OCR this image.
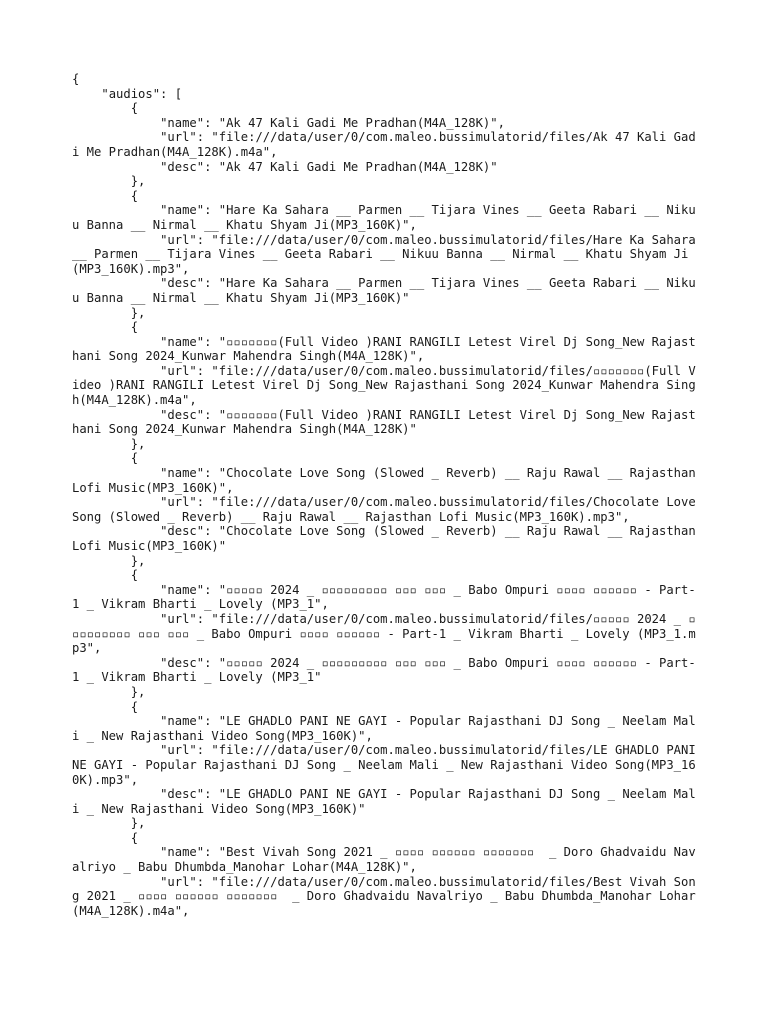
{
"audios": [
{
"name": "Ak 47 Kali Gadi Me Pradhan(M4A_128K)",
"url": "file:///data/user/0/com.maleo.bussimulatorid/files/Ak 47 Kali Gadi Me Pradhan(M4A_128K).m4a",
"desc": "Ak 47 Kali Gadi Me Pradhan(M4A_128K)"
},
{
"name": "Hare Ka Sahara __ Parmen __ Tijara Vines __ Geeta Rabari __ Nikuu Banna __ Nirmal __ Khatu Shyam Ji(MP3_160K)",
"url": "file:///data/user/0/com.maleo.bussimulatorid/files/Hare Ka Sahara __ Parmen __ Tijara Vines __ Geeta Rabari __ Nikuu Banna __ Nirmal __ Khatu Shyam Ji(MP3_160K).mp3",
"desc": "Hare Ka Sahara __ Parmen __ Tijara Vines __ Geeta Rabari __ Nikuu Banna __ Nirmal __ Khatu Shyam Ji(MP3_160K)"
},
{
"name": "▫▫▫▫▫▫▫(Full Video )RANI RANGILI Letest Virel Dj Song_New Rajasthani Song 2024_Kunwar Mahendra Singh(M4A_128K)",
"url": "file:///data/user/0/com.maleo.bussimulatorid/files/▫▫▫▫▫▫▫(Full Video )RANI RANGILI Letest Virel Dj Song_New Rajasthani Song 2024_Kunwar Mahendra Singh(M4A_128K).m4a",
"desc": "▫▫▫▫▫▫▫(Full Video )RANI RANGILI Letest Virel Dj Song_New Rajasthani Song 2024_Kunwar Mahendra Singh(M4A_128K)"
},
{
"name": "Chocolate Love Song (Slowed _ Reverb) __ Raju Rawal __ Rajasthan Lofi Music(MP3_160K)",
"url": "file:///data/user/0/com.maleo.bussimulatorid/files/Chocolate Love Song (Slowed _ Reverb) __ Raju Rawal __ Rajasthan Lofi Music(MP3_160K).mp3",
"desc": "Chocolate Love Song (Slowed _ Reverb) __ Raju Rawal __ Rajasthan Lofi Music(MP3_160K)"
},
{
"name": "▫▫▫▫▫ 2024 _ ▫▫▫▫▫▫▫▫▫ ▫▫▫ ▫▫▫ _ Babo Ompuri ▫▫▫▫ ▫▫▫▫▫▫ - Part-1 _ Vikram Bharti _ Lovely (MP3_1",
"url": "file:///data/user/0/com.maleo.bussimulatorid/files/▫▫▫▫▫ 2024 _ ▫▫▫▫▫▫▫▫▫ ▫▫▫ ▫▫▫ _ Babo Ompuri ▫▫▫▫ ▫▫▫▫▫▫ - Part-1 _ Vikram Bharti _ Lovely (MP3_1.mp3",
"desc": "▫▫▫▫▫ 2024 _ ▫▫▫▫▫▫▫▫▫ ▫▫▫ ▫▫▫ _ Babo Ompuri ▫▫▫▫ ▫▫▫▫▫▫ - Part-1 _ Vikram Bharti _ Lovely (MP3_1"
},
{
"name": "LE GHADLO PANI NE GAYI - Popular Rajasthani DJ Song _ Neelam Mali _ New Rajasthani Video Song(MP3_160K)",
"url": "file:///data/user/0/com.maleo.bussimulatorid/files/LE GHADLO PANI NE GAYI - Popular Rajasthani DJ Song _ Neelam Mali _ New Rajasthani Video Song(MP3_160K).mp3",
"desc": "LE GHADLO PANI NE GAYI - Popular Rajasthani DJ Song _ Neelam Mali _ New Rajasthani Video Song(MP3_160K)"
},
{
"name": "Best Vivah Song 2021 _ ▫▫▫▫ ▫▫▫▫▫▫ ▫▫▫▫▫▫▫  _ Doro Ghadvaidu Navalriyo _ Babu Dhumbda_Manohar Lohar(M4A_128K)",
"url": "file:///data/user/0/com.maleo.bussimulatorid/files/Best Vivah Song 2021 _ ▫▫▫▫ ▫▫▫▫▫▫ ▫▫▫▫▫▫▫  _ Doro Ghadvaidu Navalriyo _ Babu Dhumbda_Manohar Lohar(M4A_128K).m4a",
